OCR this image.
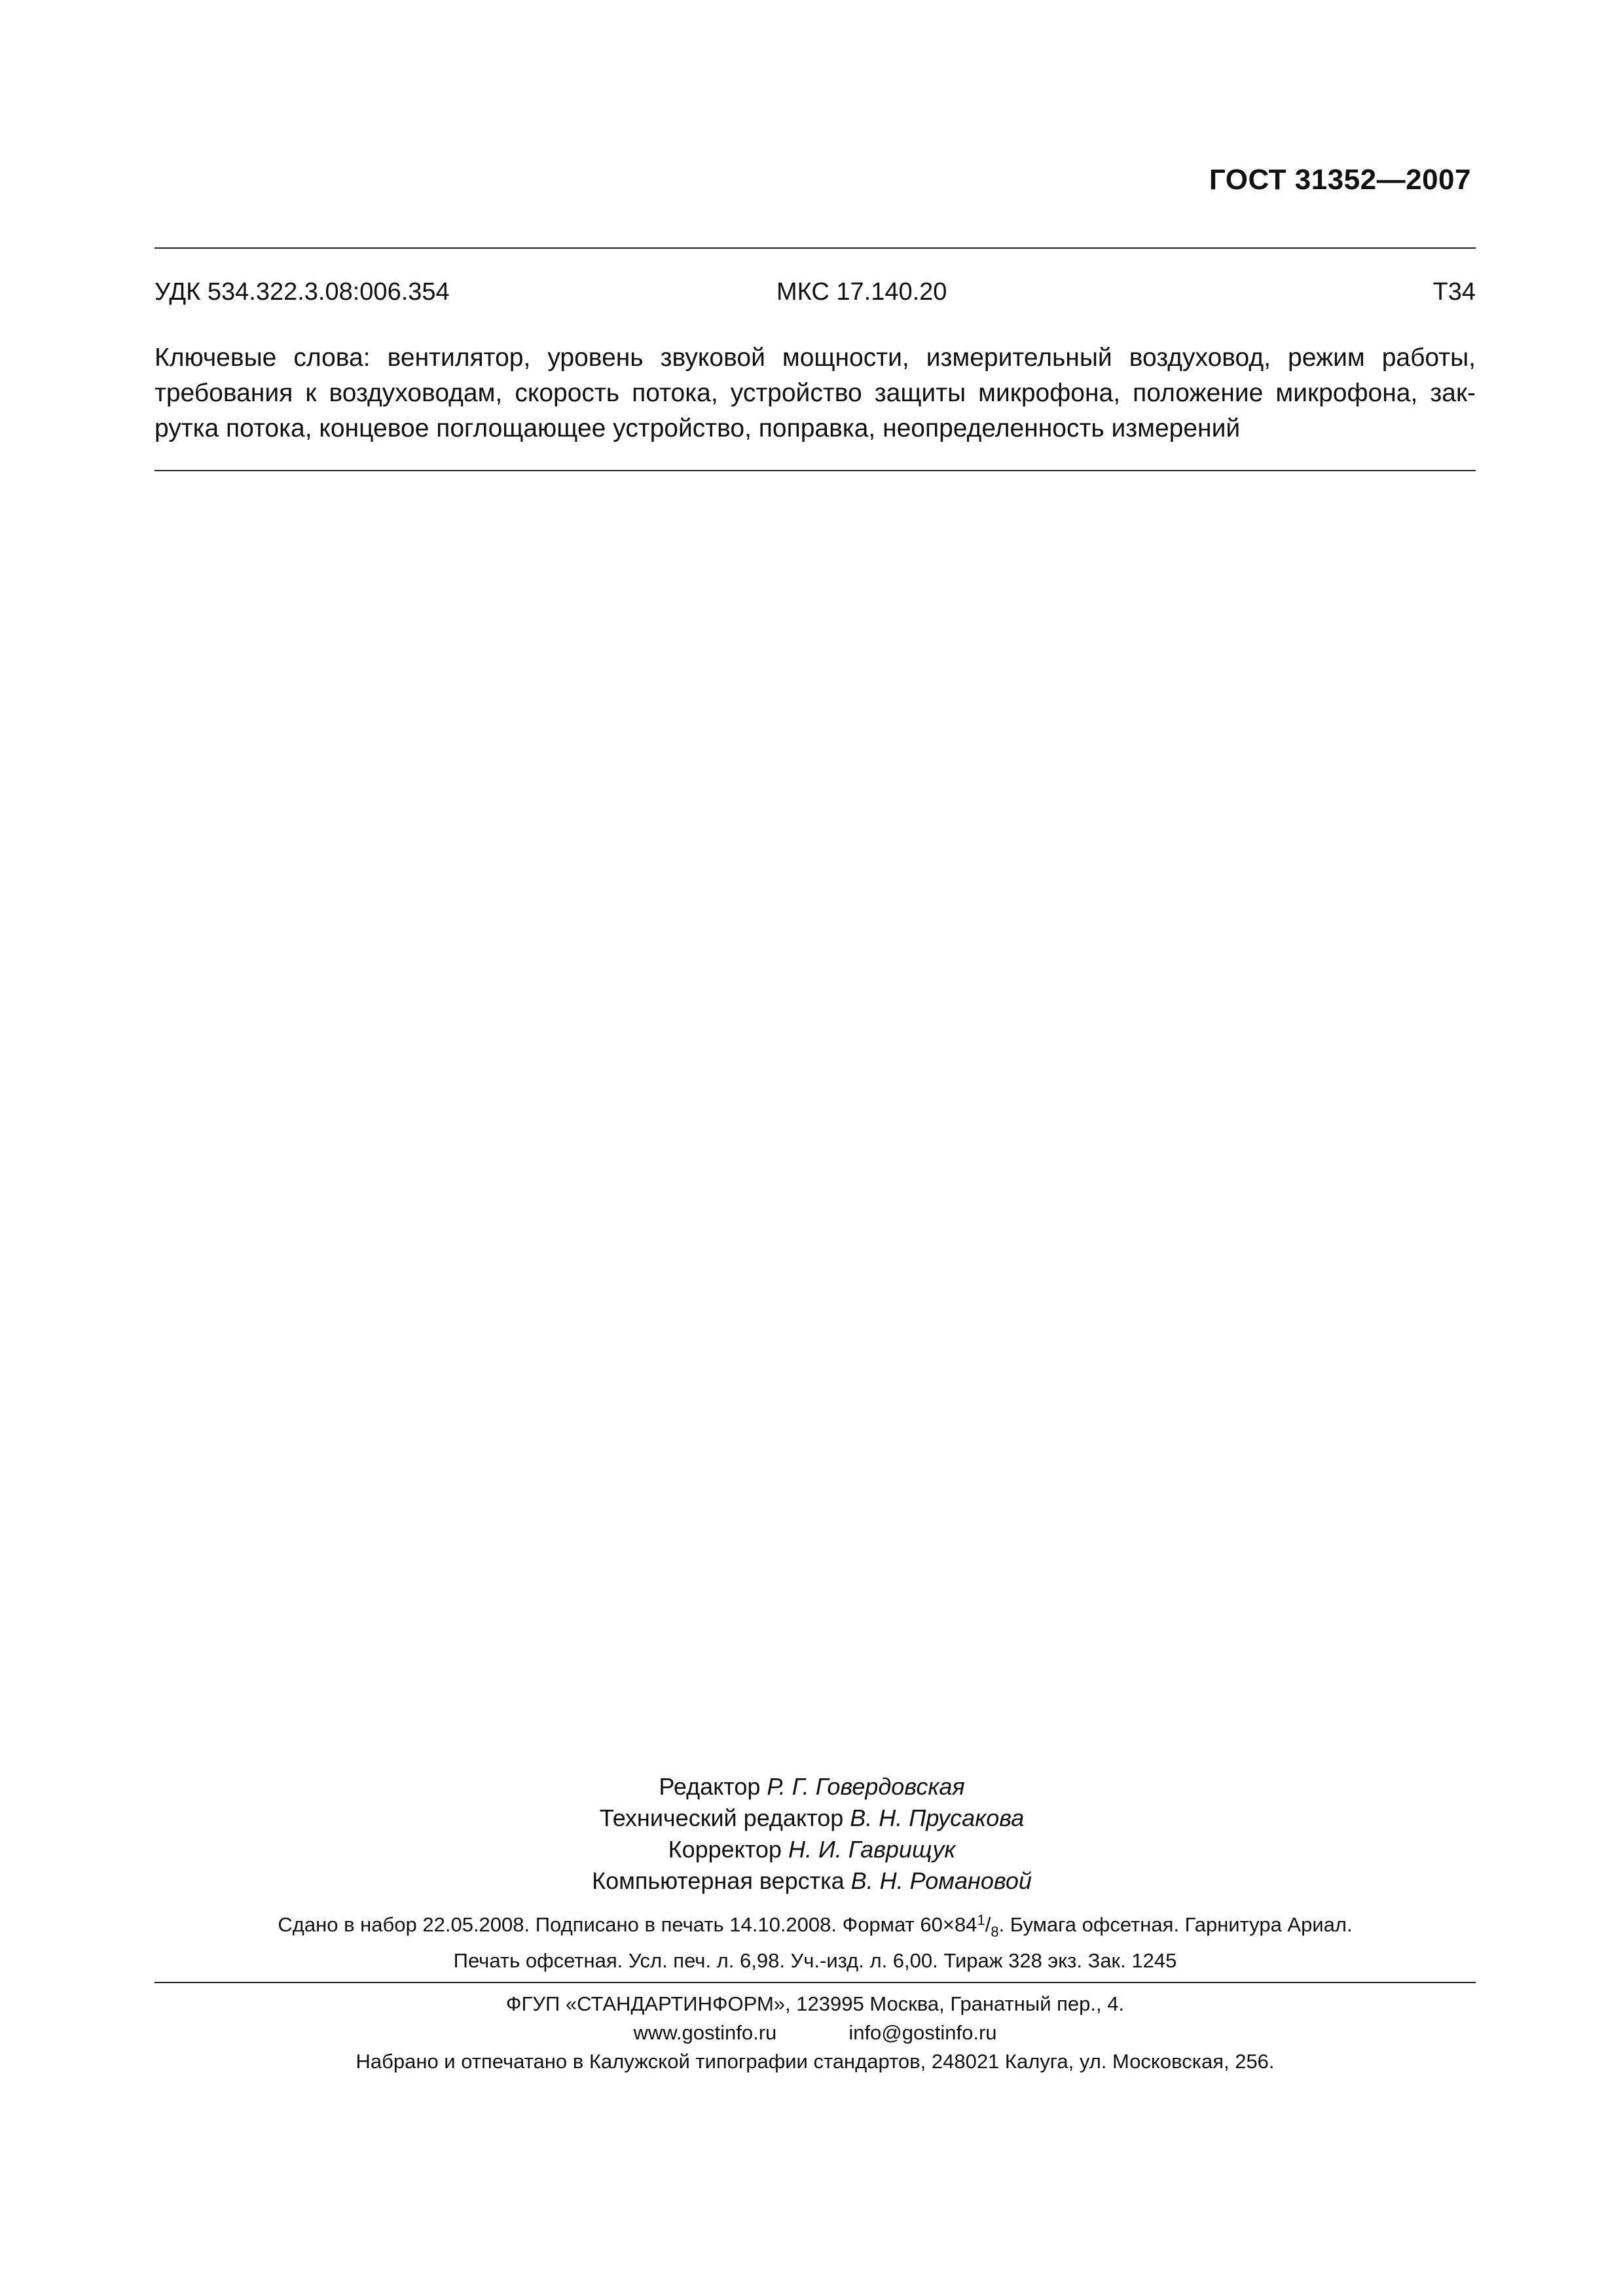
ГОСТ 31352—2007
УДК 534.322.3.08:006.354	МКС 17.140.20	Т34
Ключевые слова: вентилятор, уровень звуковой мощности, измерительный воздуховод, режим работы,
требования к воздуховодам, скорость потока, устройство защиты микрофона, положение микрофона, зак-
рутка потока, концевое поглощающее устройство, поправка, неопределенность измерений
Редактор Р. Г. Говердовская
Технический редактор В. Н. Прусакова
Корректор Н. И. Гаврищук
Компьютерная верстка В. Н. Романовой
Сдано в набор 22.05.2008. Подписано в печать 14.10.2008. Формат $60\times 84^1/_8$. Бумага офсетная. Гарнитура Ариал.
Печать офсетная. Усл. печ. л. 6,98. Уч.-изд. л. 6,00. Тираж 328 экз. Зак. 1245
ФГУП «СТАНДАРТИНФОРМ», 123995 Москва, Гранатный пер., 4.
www.gostinfo.ru	info@gostinfo.ru
Набрано и отпечатано в Калужской типографии стандартов, 248021 Калуга, ул. Московская, 256.
